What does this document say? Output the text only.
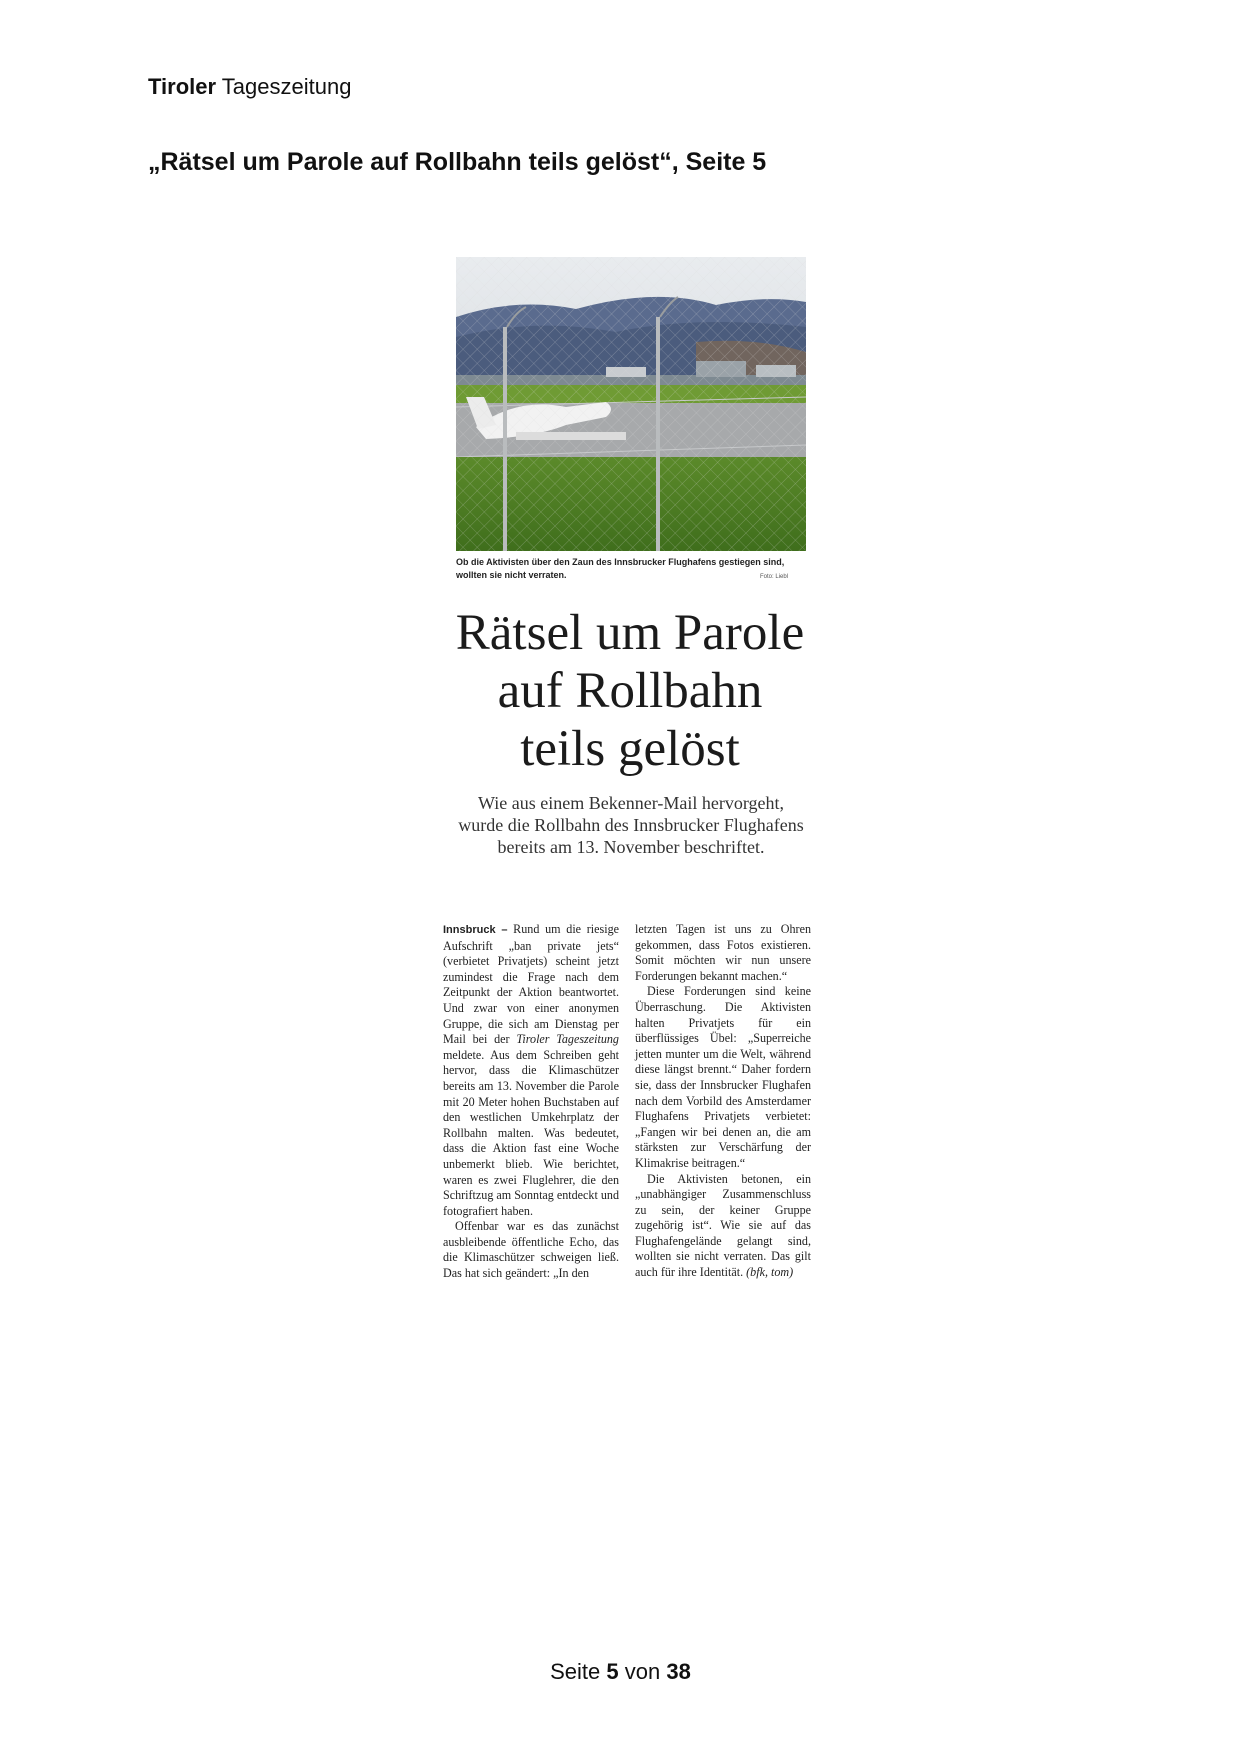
Tiroler Tageszeitung
„Rätsel um Parole auf Rollbahn teils gelöst“, Seite 5
Ob die Aktivisten über den Zaun des Innsbrucker Flughafens gestiegen sind, wollten sie nicht verraten.	Foto: Liebl
Rätsel um Parole
auf Rollbahn
teils gelöst
Wie aus einem Bekenner-Mail hervorgeht, wurde die Rollbahn des Innsbrucker Flughafens bereits am 13. November beschriftet.

Innsbruck – Rund um die riesige Aufschrift „ban private jets“ (verbietet Privatjets) scheint jetzt zumindest die Frage nach dem Zeitpunkt der Aktion beantwortet. Und zwar von einer anonymen Gruppe, die sich am Dienstag per Mail bei der Tiroler Tageszeitung meldete. Aus dem Schreiben geht hervor, dass die Klimaschützer bereits am 13. November die Parole mit 20 Meter hohen Buchstaben auf den westlichen Umkehrplatz der Rollbahn malten. Was bedeutet, dass die Aktion fast eine Woche unbemerkt blieb. Wie berichtet, waren es zwei Fluglehrer, die den Schriftzug am Sonntag entdeckt und fotografiert haben.

Offenbar war es das zunächst ausbleibende öffentliche Echo, das die Klimaschützer schweigen ließ. Das hat sich geändert: „In den

letzten Tagen ist uns zu Ohren gekommen, dass Fotos existieren. Somit möchten wir nun unsere Forderungen bekannt machen.“

Diese Forderungen sind keine Überraschung. Die Aktivisten halten Privatjets für ein überflüssiges Übel: „Superreiche jetten munter um die Welt, während diese längst brennt.“ Daher fordern sie, dass der Innsbrucker Flughafen nach dem Vorbild des Amsterdamer Flughafens Privatjets verbietet: „Fangen wir bei denen an, die am stärksten zur Verschärfung der Klimakrise beitragen.“

Die Aktivisten betonen, ein „unabhängiger Zusammenschluss zu sein, der keiner Gruppe zugehörig ist“. Wie sie auf das Flughafengelände gelangt sind, wollten sie nicht verraten. Das gilt auch für ihre Identität. (bfk, tom)

Seite 5 von 38
